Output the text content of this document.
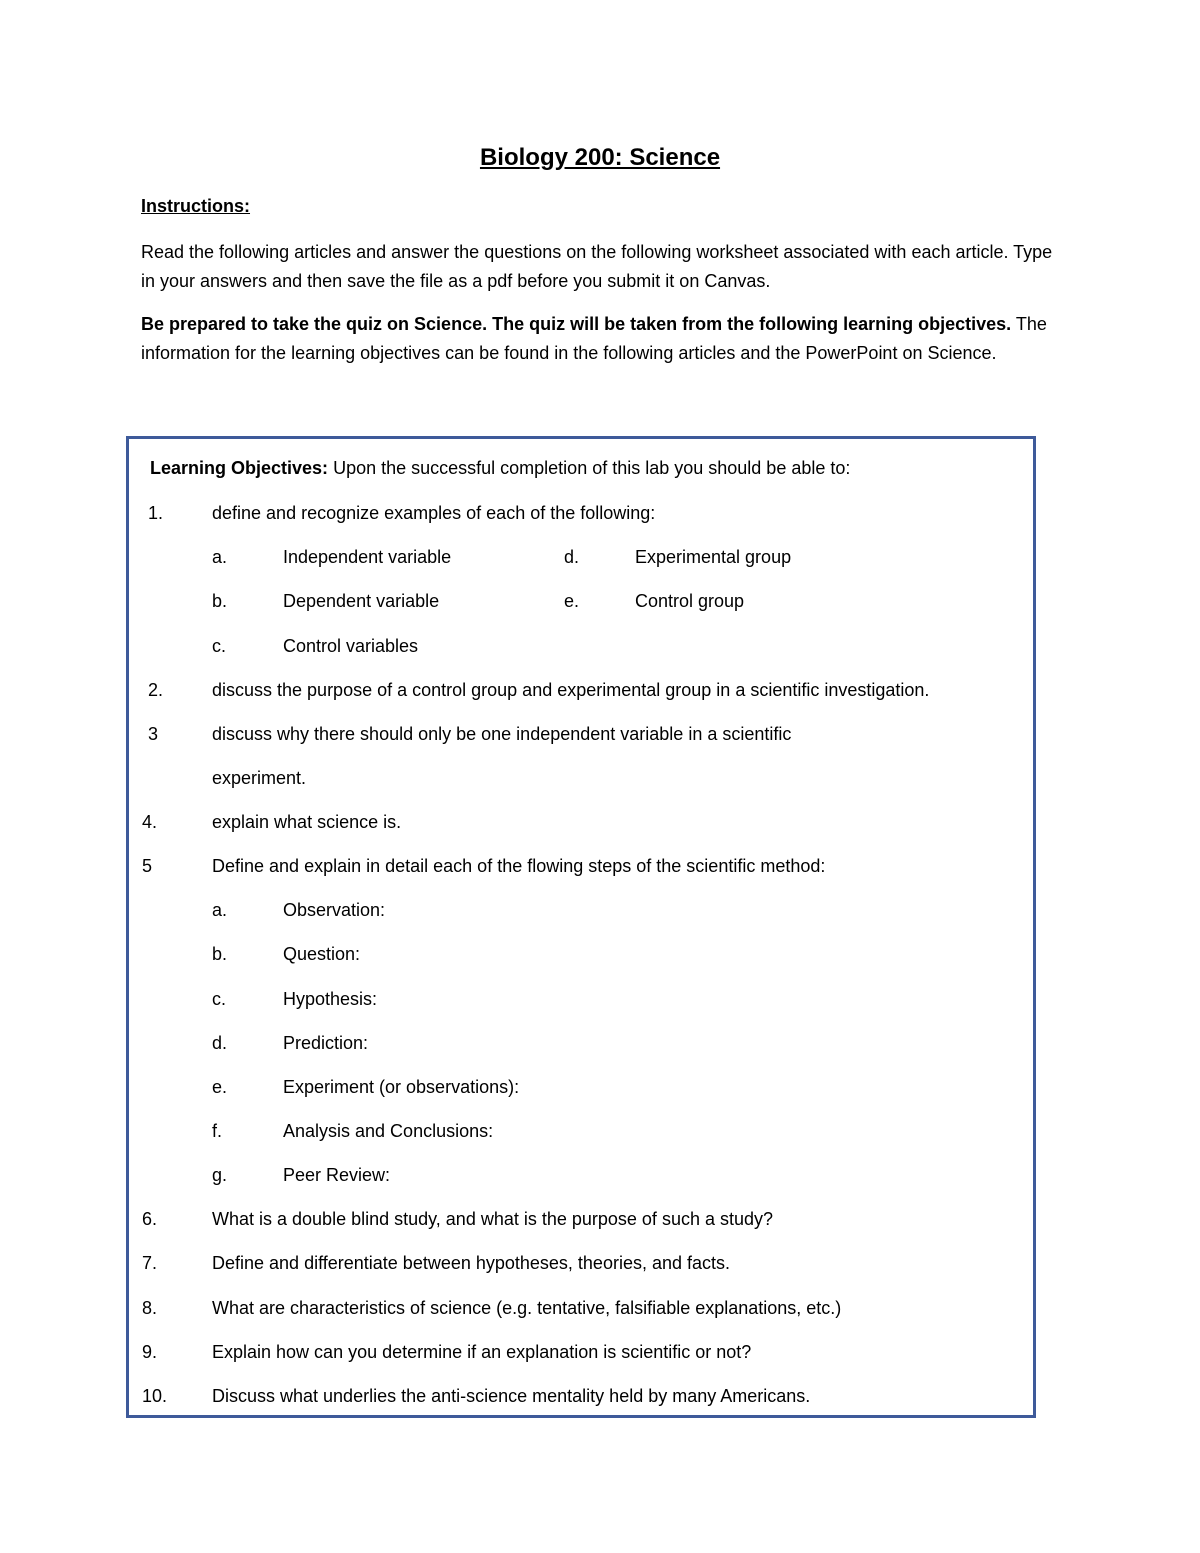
Biology 200: Science
Instructions:

Read the following articles and answer the questions on the following worksheet associated with each article. Type in your answers and then save the file as a pdf before you submit it on Canvas.

Be prepared to take the quiz on Science. The quiz will be taken from the following learning objectives. The information for the learning objectives can be found in the following articles and the PowerPoint on Science.

Learning Objectives: Upon the successful completion of this lab you should be able to:
1.	define and recognize examples of each of the following:
a.	Independent variable	d.	Experimental group
b.	Dependent variable	e.	Control group
c.	Control variables
2.	discuss the purpose of a control group and experimental group in a scientific investigation.
3	discuss why there should only be one independent variable in a scientific
experiment.
4.	explain what science is.
5	Define and explain in detail each of the flowing steps of the scientific method:
a.	Observation:
b.	Question:
c.	Hypothesis:
d.	Prediction:
e.	Experiment (or observations):
f.	Analysis and Conclusions:
g.	Peer Review:
6.	What is a double blind study, and what is the purpose of such a study?
7.	Define and differentiate between hypotheses, theories, and facts.
8.	What are characteristics of science (e.g. tentative, falsifiable explanations, etc.)
9.	Explain how can you determine if an explanation is scientific or not?
10. Discuss what underlies the anti-science mentality held by many Americans.
